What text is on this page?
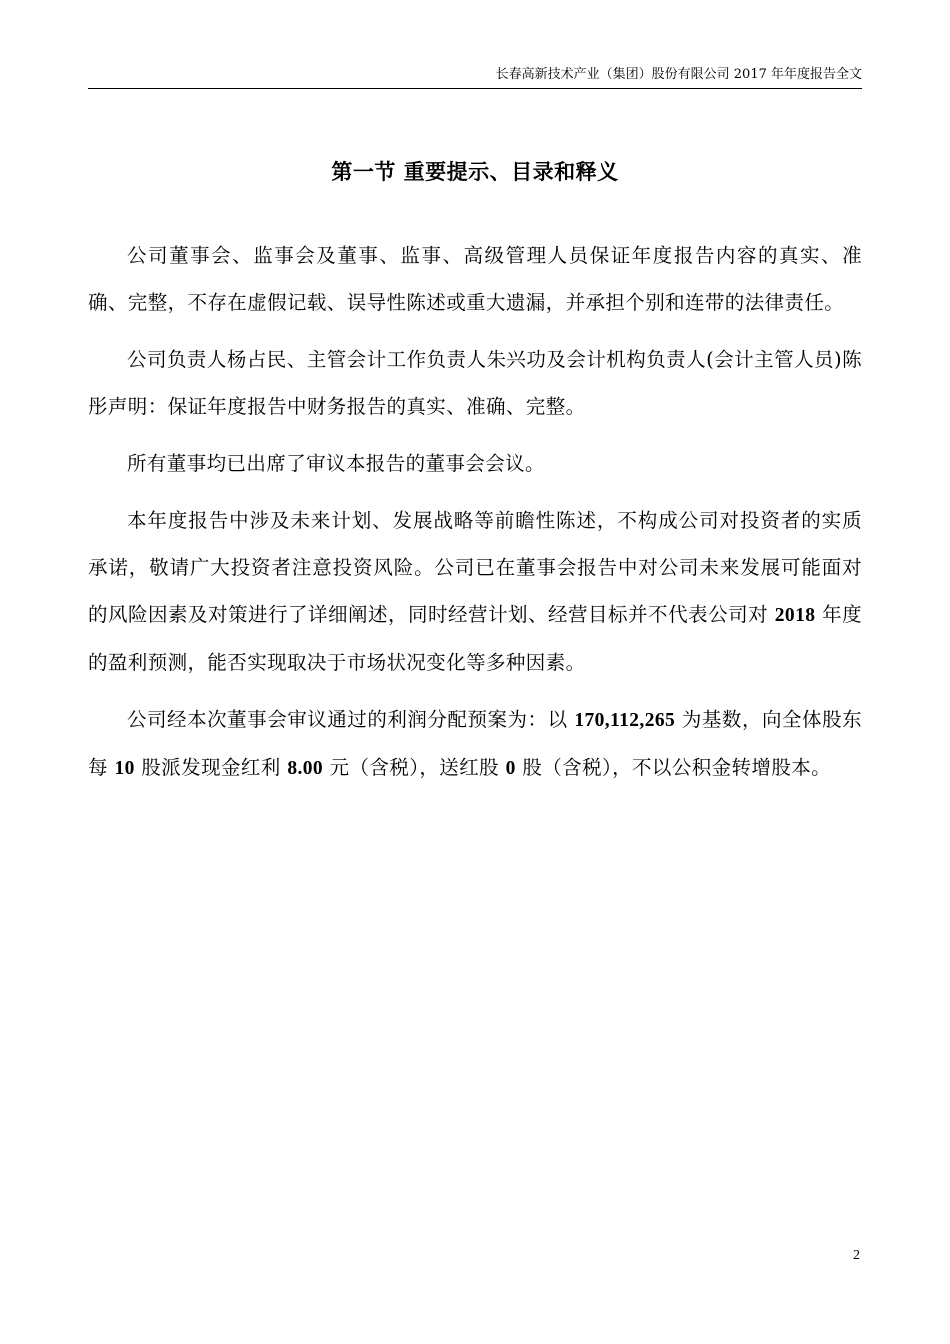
长春高新技术产业（集团）股份有限公司 2017 年年度报告全文
第一节 重要提示、目录和释义

公司董事会、监事会及董事、监事、高级管理人员保证年度报告内容的真实、准确、完整，不存在虚假记载、误导性陈述或重大遗漏，并承担个别和连带的法律责任。

公司负责人杨占民、主管会计工作负责人朱兴功及会计机构负责人(会计主管人员)陈彤声明：保证年度报告中财务报告的真实、准确、完整。

所有董事均已出席了审议本报告的董事会会议。

本年度报告中涉及未来计划、发展战略等前瞻性陈述，不构成公司对投资者的实质承诺，敬请广大投资者注意投资风险。公司已在董事会报告中对公司未来发展可能面对的风险因素及对策进行了详细阐述，同时经营计划、经营目标并不代表公司对 2018 年度的盈利预测，能否实现取决于市场状况变化等多种因素。

公司经本次董事会审议通过的利润分配预案为：以 170,112,265 为基数，向全体股东每 10 股派发现金红利 8.00 元（含税），送红股 0 股（含税），不以公积金转增股本。

2
